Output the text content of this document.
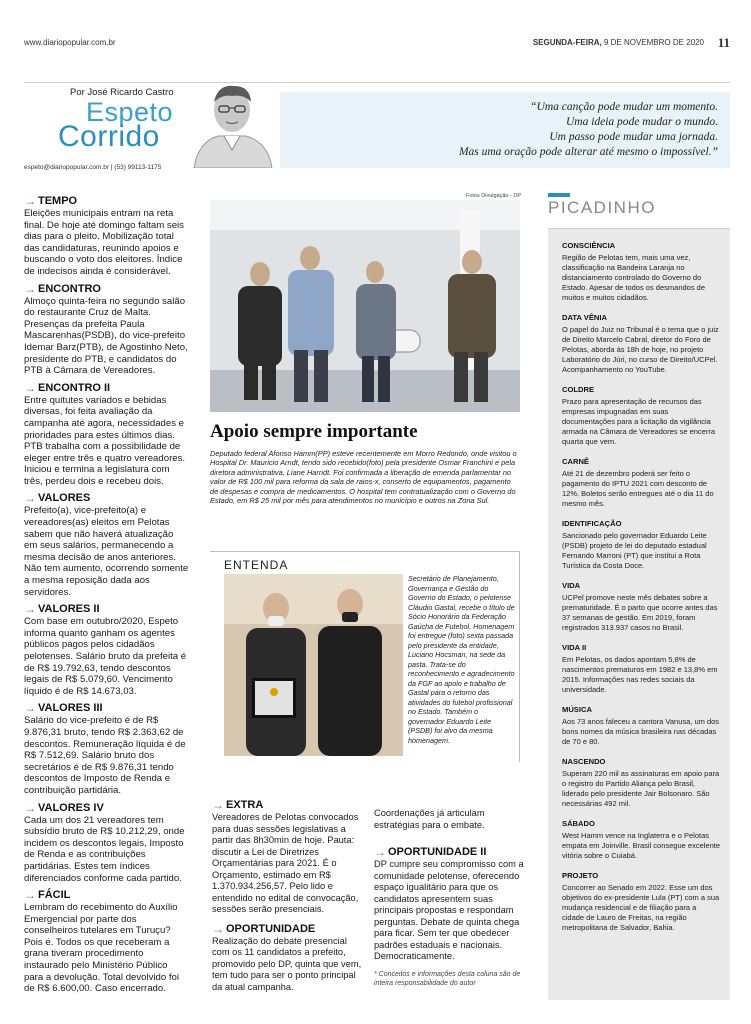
www.diariopopular.com.br	SEGUNDA-FEIRA, 9 DE NOVEMBRO DE 2020 11
Por José Ricardo Castro
Espeto
Corrido
espeto@diariopopular.com.br | (53) 99113-1175
“Uma canção pode mudar um momento.
Uma ideia pode mudar o mundo.
Um passo pode mudar uma jornada.
Mas uma oração pode alterar até mesmo o impossível.”
→ TEMPO
Eleições municipais entram na reta final. De hoje até domingo faltam seis dias para o pleito. Mobilização total das candidaturas, reunindo apoios e buscando o voto dos eleitores. Índice de indecisos ainda é considerável.
→ ENCONTRO
Almoço quinta-feira no segundo salão do restaurante Cruz de Malta. Presenças da prefeita Paula Mascarenhas(PSDB), do vice-prefeito Idemar Barz(PTB), de Agostinho Neto, presidente do PTB, e candidatos do PTB à Câmara de Vereadores.
→ ENCONTRO II
Entre quitutes variados e bebidas diversas, foi feita avaliação da campanha até agora, necessidades e prioridades para estes últimos dias. PTB trabalha com a possibilidade de eleger entre três e quatro vereadores. Iniciou e termina a legislatura com três, perdeu dois e recebeu dois.
→ VALORES
Prefeito(a), vice-prefeito(a) e vereadores(as) eleitos em Pelotas sabem que não haverá atualização em seus salários, permanecendo a mesma decisão de anos anteriores. Não tem aumento, ocorrendo somente a mesma reposição dada aos servidores.
→ VALORES II
Com base em outubro/2020, Espeto informa quanto ganham os agentes públicos pagos pelos cidadãos pelotenses. Salário bruto da prefeita é de R$ 19.792,63, tendo descontos legais de R$ 5.079,60. Vencimento líquido é de R$ 14.673,03.
→ VALORES III
Salário do vice-prefeito é de R$ 9.876,31 bruto, tendo R$ 2.363,62 de descontos. Remuneração líquida é de R$ 7.512,69. Salário bruto dos secretários é de R$ 9.876,31 tendo descontos de Imposto de Renda e contribuição partidária.
→ VALORES IV
Cada um dos 21 vereadores tem subsídio bruto de R$ 10.212,29, onde incidem os descontos legais, Imposto de Renda e as contribuições partidárias. Estes tem índices diferenciados conforme cada partido.
→ FÁCIL
Lembram do recebimento do Auxílio Emergencial por parte dos conselheiros tutelares em Turuçu? Pois é. Todos os que receberam a grana tiveram procedimento instaurado pelo Ministério Público para a devolução. Total devolvido foi de R$ 6.600,00. Caso encerrado.
Fotos Divulgação - DP
Apoio sempre importante
Deputado federal Afonso Hamm(PP) esteve recentemente em Morro Redondo, onde visitou o Hospital Dr. Mauricio Arndt, tendo sido recebido(foto) pela presidente Osmar Franchini e pela diretora administrativa, Liane Harndt. Foi confirmada a liberação de emenda parlamentar no valor de R$ 100 mil para reforma da sala de raios-x, conserto de equipamentos, pagamento de despesas e compra de medicamentos. O hospital tem contratualização com o Governo do Estado, em R$ 25 mil por mês para atendimentos no município e outros na Zona Sul.
ENTENDA
Secretário de Planejamento, Governança e Gestão do Governo do Estado, o pelotense Cláudio Gastal, recebe o título de Sócio Honorário da Federação Gaúcha de Futebol. Homenagem foi entregue (foto) sexta passada pelo presidente da entidade, Luciano Hocsman, na sede da pasta. Trata-se do reconhecimento e agradecimento da FGF ao apoio e trabalho de Gastal para o retorno das atividades do futebol profissional no Estado. Também o governador Eduardo Leite (PSDB) foi alvo da mesma homenagem.
→ EXTRA
Vereadores de Pelotas convocados para duas sessões legislativas a partir das 8h30min de hoje. Pauta: discutir a Lei de Diretrizes Orçamentárias para 2021. É o Orçamento, estimado em R$ 1.370.934.256,57. Pelo lido e entendido no edital de convocação, sessões serão presenciais.
→ OPORTUNIDADE
Realização do debate presencial com os 11 candidatos a prefeito, promovido pelo DP, quinta que vem, tem tudo para ser o ponto principal da atual campanha.
Coordenações já articulam estratégias para o embate.
→ OPORTUNIDADE II
DP cumpre seu compromisso com a comunidade pelotense, oferecendo espaço igualitário para que os candidatos apresentem suas principais propostas e respondam perguntas. Debate de quinta chega para ficar. Sem ter que obedecer padrões estaduais e nacionais. Democraticamente.
* Conceitos e informações desta coluna são de inteira responsabilidade do autor
PICADINHO
CONSCIÊNCIA
Região de Pelotas tem, mais uma vez, classificação na Bandeira Laranja no distanciamento controlado do Governo do Estado. Apesar de todos os desmandos de muitos e muitos cidadãos.
DATA VÊNIA
O papel do Juiz no Tribunal é o tema que o juiz de Direito Marcelo Cabral, diretor do Foro de Pelotas, aborda às 18h de hoje, no projeto Laboratório do Júri, no curso de Direito/UCPel. Acompanhamento no YouTube.
COLDRE
Prazo para apresentação de recursos das empresas impugnadas em suas documentações para a licitação da vigilância armada na Câmara de Vereadores se encerra quarta que vem.
CARNÊ
Até 21 de dezembro poderá ser feito o pagamento do IPTU 2021 com desconto de 12%. Boletos serão entregues até o dia 11 do mesmo mês.
IDENTIFICAÇÃO
Sancionado pelo governador Eduardo Leite (PSDB) projeto de lei do deputado estadual Fernando Marroni (PT) que institui a Rota Turística da Costa Doce.
VIDA
UCPel promove neste mês debates sobre a prematuridade. É o parto que ocorre antes das 37 semanas de gestão. Em 2019, foram registrados 313.937 casos no Brasil.
VIDA II
Em Pelotas, os dados apontam 5,8% de nascimentos prematuros em 1982 e 13,8% em 2015. Informações nas redes sociais da universidade.
MÚSICA
Aos 73 anos faleceu a cantora Vanusa, um dos bons nomes da música brasileira nas décadas de 70 e 80.
NASCENDO
Superam 220 mil as assinaturas em apoio para o registro do Partido Aliança pelo Brasil, liderado pelo presidente Jair Bolsonaro. São necessárias 492 mil.
SÁBADO
West Hamm vence na Inglaterra e o Pelotas empata em Joinville. Brasil consegue excelente vitória sobre o Cuiabá.
PROJETO
Concorrer ao Senado em 2022. Esse um dos objetivos do ex-presidente Lula (PT) com a sua mudança residencial e de filiação para a cidade de Lauro de Freitas, na região metropolitana de Salvador, Bahia.
